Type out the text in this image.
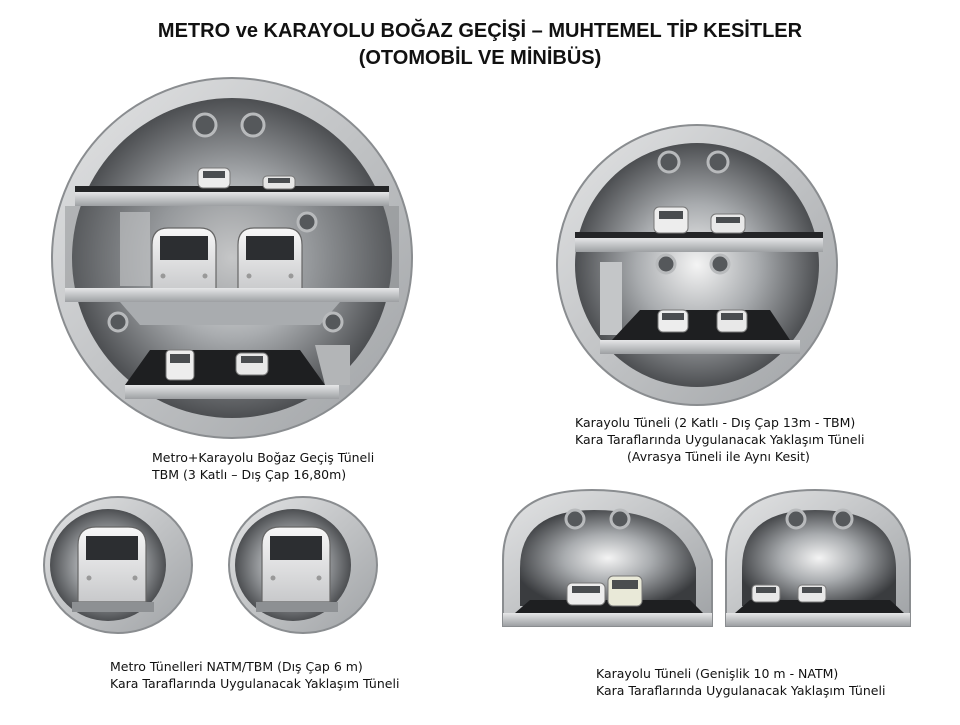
METRO ve KARAYOLU BOĞAZ GEÇİŞİ – MUHTEMEL TİP KESİTLER
(OTOMOBİL VE MİNİBÜS)
Metro+Karayolu Boğaz Geçiş Tüneli
TBM (3 Katlı – Dış Çap 16,80m)
Karayolu Tüneli (2 Katlı - Dış Çap 13m - TBM)
Kara Taraflarında Uygulanacak Yaklaşım Tüneli
(Avrasya Tüneli ile Aynı Kesit)
Metro Tünelleri NATM/TBM (Dış Çap 6 m)
Kara Taraflarında Uygulanacak Yaklaşım Tüneli
Karayolu Tüneli (Genişlik 10 m - NATM)
Kara Taraflarında Uygulanacak Yaklaşım Tüneli
